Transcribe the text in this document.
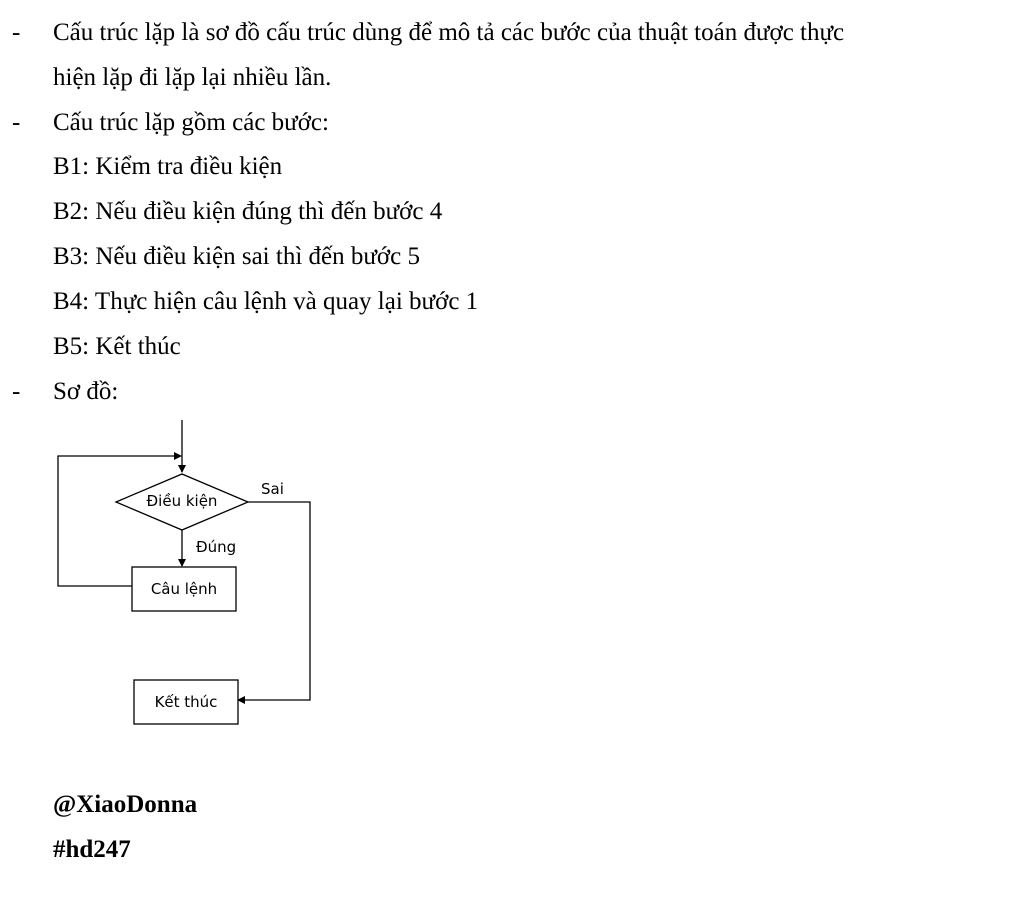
- Cấu trúc lặp là sơ đồ cấu trúc dùng để mô tả các bước của thuật toán được thực
hiện lặp đi lặp lại nhiều lần.
- Cấu trúc lặp gồm các bước:
B1: Kiểm tra điều kiện
B2: Nếu điều kiện đúng thì đến bước 4
B3: Nếu điều kiện sai thì đến bước 5
B4: Thực hiện câu lệnh và quay lại bước 1
B5: Kết thúc
- Sơ đồ:
Điều kiện
Sai
Đúng
Câu lệnh
Kết thúc
@XiaoDonna
#hd247
